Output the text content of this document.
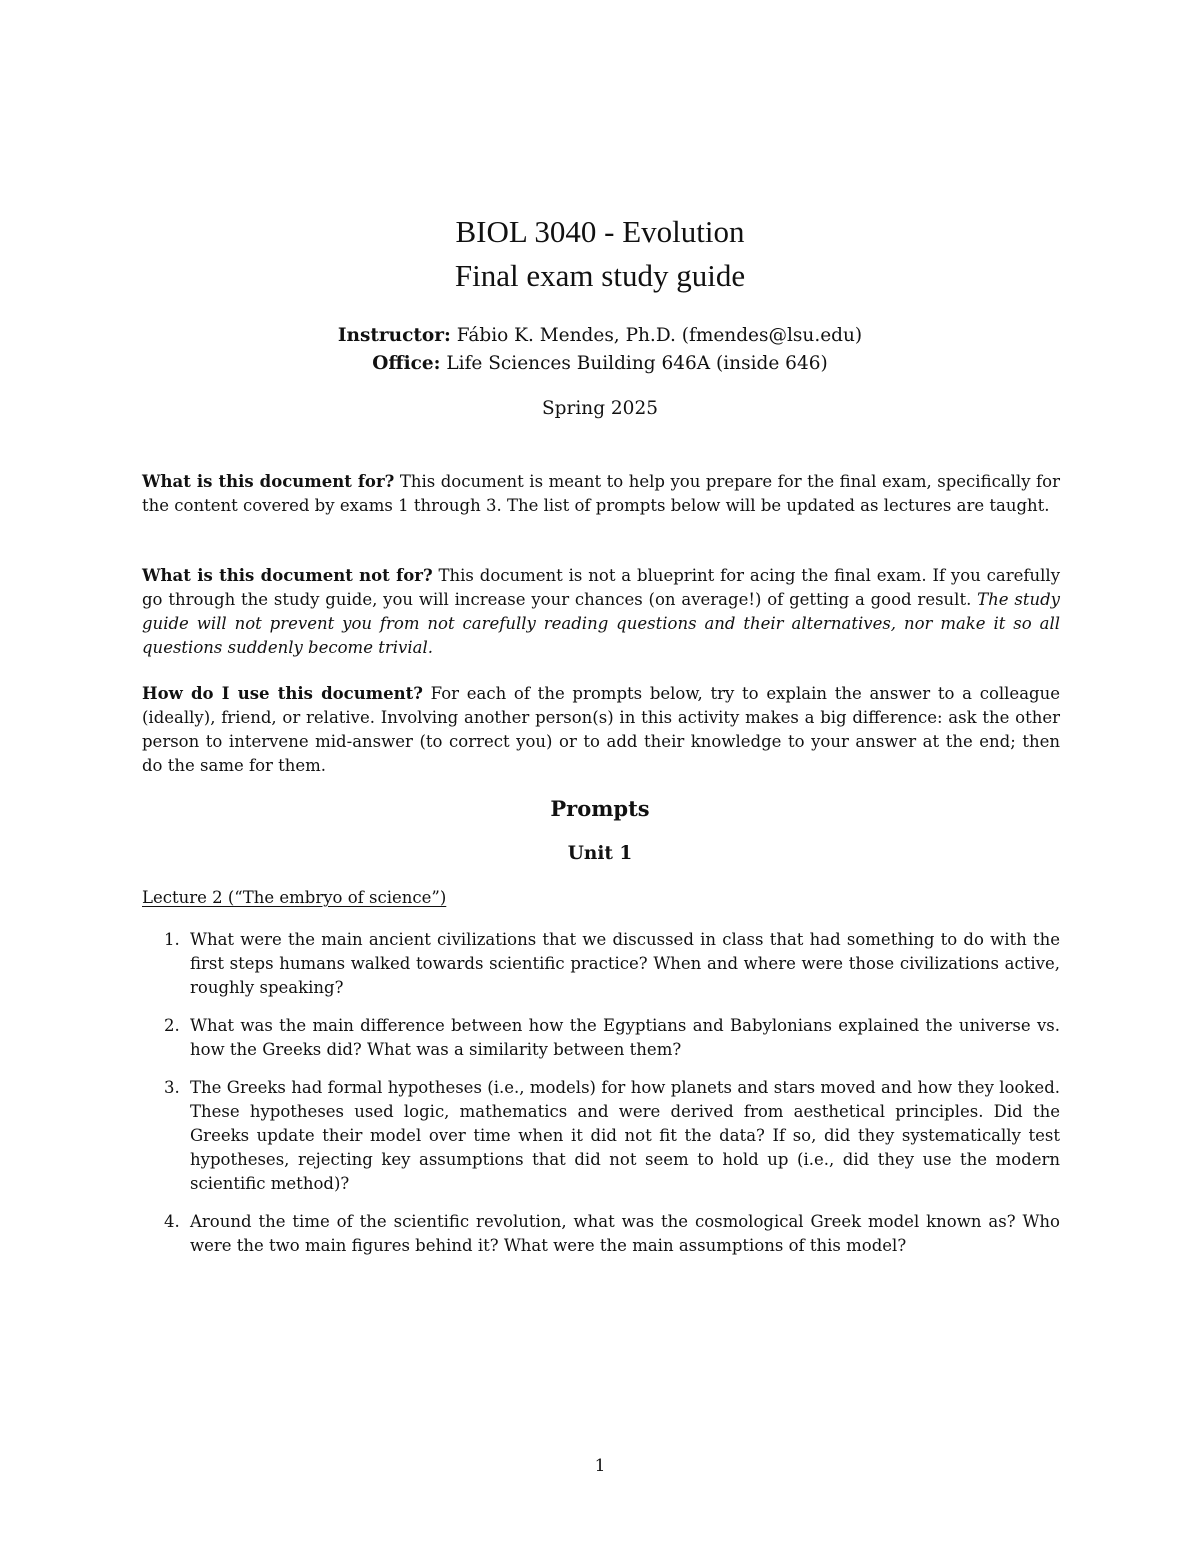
BIOL 3040 - Evolution
Final exam study guide
Instructor: Fábio K. Mendes, Ph.D. (fmendes@lsu.edu)
Office: Life Sciences Building 646A (inside 646)
Spring 2025
What is this document for? This document is meant to help you prepare for the final exam, specifically for the content covered by exams 1 through 3. The list of prompts below will be updated as lectures are taught.
What is this document not for? This document is not a blueprint for acing the final exam. If you carefully go through the study guide, you will increase your chances (on average!) of getting a good result. The study guide will not prevent you from not carefully reading questions and their alternatives, nor make it so all questions suddenly become trivial.
How do I use this document? For each of the prompts below, try to explain the answer to a colleague (ideally), friend, or relative. Involving another person(s) in this activity makes a big difference: ask the other person to intervene mid-answer (to correct you) or to add their knowledge to your answer at the end; then do the same for them.
Prompts
Unit 1
Lecture 2 (“The embryo of science”)
1. What were the main ancient civilizations that we discussed in class that had something to do with the first steps humans walked towards scientific practice? When and where were those civilizations active, roughly speaking?
2. What was the main difference between how the Egyptians and Babylonians explained the universe vs. how the Greeks did? What was a similarity between them?
3. The Greeks had formal hypotheses (i.e., models) for how planets and stars moved and how they looked. These hypotheses used logic, mathematics and were derived from aesthetical principles. Did the Greeks update their model over time when it did not fit the data? If so, did they systematically test hypotheses, rejecting key assumptions that did not seem to hold up (i.e., did they use the modern scientific method)?
4. Around the time of the scientific revolution, what was the cosmological Greek model known as? Who were the two main figures behind it? What were the main assumptions of this model?
1
